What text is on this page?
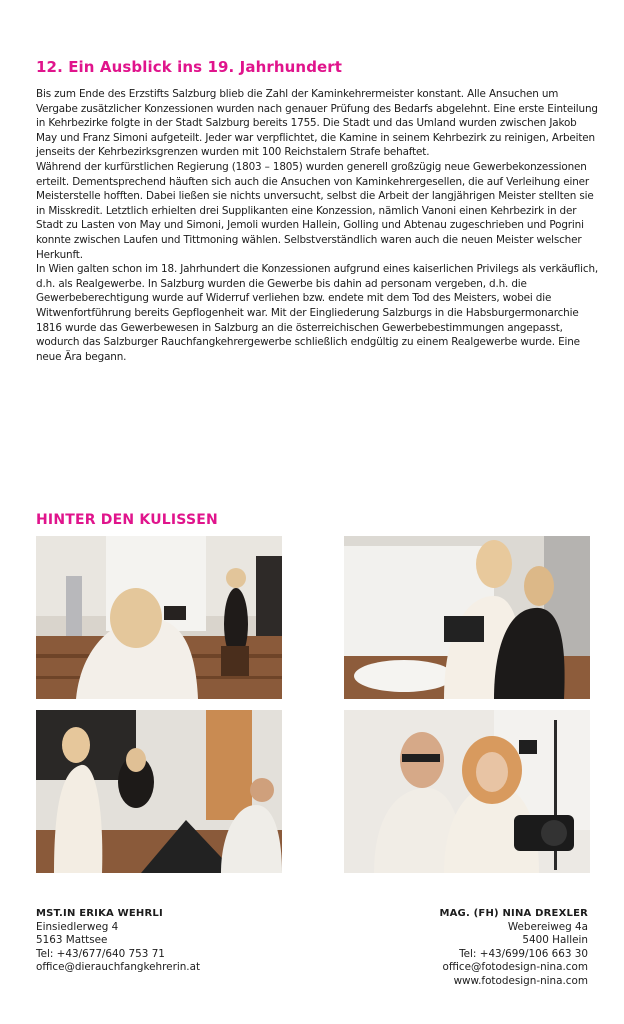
12. Ein Ausblick ins 19. Jahrhundert

Bis zum Ende des Erzstifts Salzburg blieb die Zahl der Kaminkehrermeister konstant. Alle Ansuchen um Vergabe zusätzlicher Konzessionen wurden nach genauer Prüfung des Bedarfs abgelehnt. Eine erste Einteilung in Kehrbezirke folgte in der Stadt Salzburg bereits 1755. Die Stadt und das Umland wurden zwischen Jakob May und Franz Simoni aufgeteilt. Jeder war verpflichtet, die Kamine in seinem Kehrbezirk zu reinigen, Arbeiten jenseits der Kehrbezirksgrenzen wurden mit 100 Reichstalern Strafe behaftet.

Während der kurfürstlichen Regierung (1803 – 1805) wurden generell großzügig neue Gewerbekonzessionen erteilt. Dementsprechend häuften sich auch die Ansuchen von Kaminkehrergesellen, die auf Verleihung einer Meisterstelle hofften. Dabei ließen sie nichts unversucht, selbst die Arbeit der langjährigen Meister stellten sie in Misskredit. Letztlich erhielten drei Supplikanten eine Konzession, nämlich Vanoni einen Kehrbezirk in der Stadt zu Lasten von May und Simoni, Jemoli wurden Hallein, Golling und Abtenau zugeschrieben und Pogrini konnte zwischen Laufen und Tittmoning wählen. Selbstverständlich waren auch die neuen Meister welscher Herkunft.

In Wien galten schon im 18. Jahrhundert die Konzessionen aufgrund eines kaiserlichen Privilegs als verkäuflich, d.h. als Realgewerbe. In Salzburg wurden die Gewerbe bis dahin ad personam vergeben, d.h. die Gewerbeberechtigung wurde auf Widerruf verliehen bzw. endete mit dem Tod des Meisters, wobei die Witwenfortführung bereits Gepflogenheit war. Mit der Eingliederung Salzburgs in die Habsburgermonarchie 1816 wurde das Gewerbewesen in Salzburg an die österreichischen Gewerbebestimmungen angepasst, wodurch das Salzburger Rauchfangkehrergewerbe schließlich endgültig zu einem Realgewerbe wurde. Eine neue Ära begann.

HINTER DEN KULISSEN
MST.IN ERIKA WEHRLI
Einsiedlerweg 4
5163 Mattsee
Tel: +43/677/640 753 71
office@dierauchfangkehrerin.at
MAG. (FH) NINA DREXLER
Webereiweg 4a
5400 Hallein
Tel: +43/699/106 663 30
office@fotodesign-nina.com
www.fotodesign-nina.com
